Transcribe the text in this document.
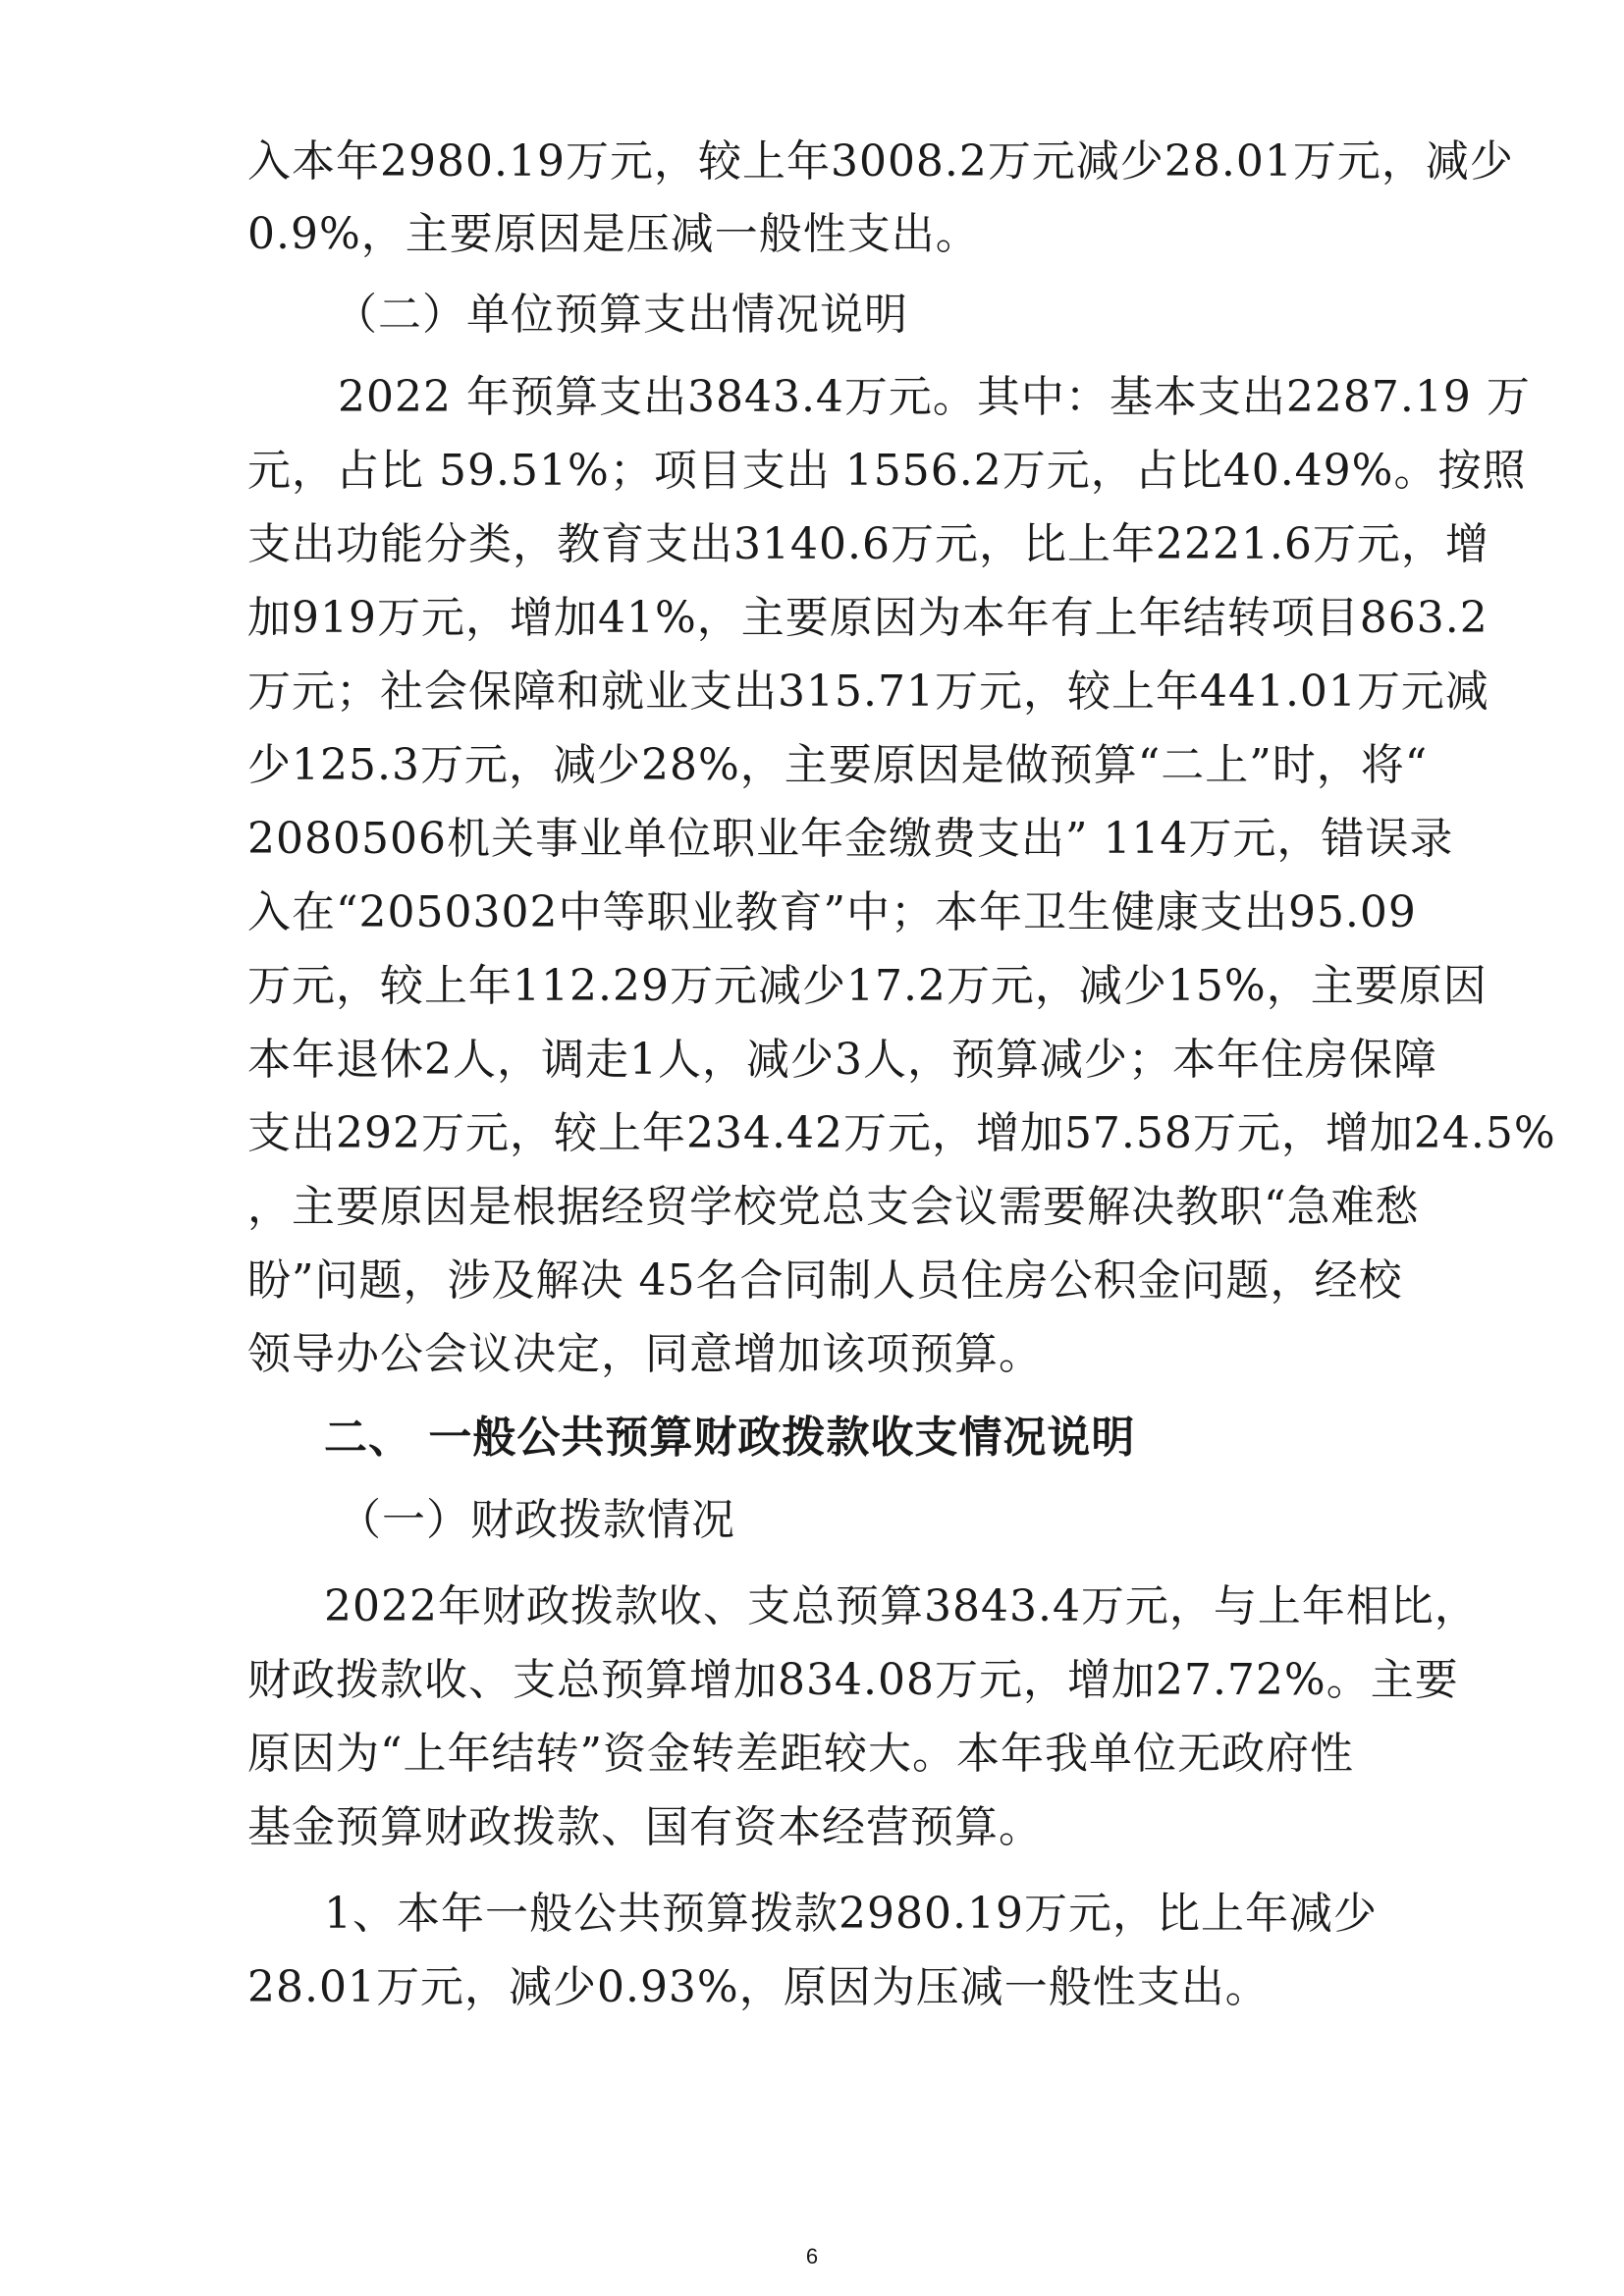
入本年2980.19万元，较上年3008.2万元减少28.01万元，减少
0.9%，主要原因是压减一般性支出。
（二）单位预算支出情况说明
2022 年预算支出3843.4万元。其中：基本支出2287.19 万
元，占比 59.51%；项目支出 1556.2万元，占比40.49%。按照
支出功能分类，教育支出3140.6万元，比上年2221.6万元，增
加919万元，增加41%，主要原因为本年有上年结转项目863.2
万元；社会保障和就业支出315.71万元，较上年441.01万元减
少125.3万元，减少28%，主要原因是做预算“二上”时，将“
2080506机关事业单位职业年金缴费支出” 114万元，错误录
入在“2050302中等职业教育”中；本年卫生健康支出95.09
万元，较上年112.29万元减少17.2万元，减少15%，主要原因
本年退休2人，调走1人，减少3人，预算减少；本年住房保障
支出292万元，较上年234.42万元，增加57.58万元，增加24.5%
，主要原因是根据经贸学校党总支会议需要解决教职“急难愁
盼”问题，涉及解决 45名合同制人员住房公积金问题，经校
领导办公会议决定，同意增加该项预算。
二、 一般公共预算财政拨款收支情况说明
（一）财政拨款情况
2022年财政拨款收、支总预算3843.4万元，与上年相比，
财政拨款收、支总预算增加834.08万元，增加27.72%。主要
原因为“上年结转”资金转差距较大。本年我单位无政府性
基金预算财政拨款、国有资本经营预算。
1、本年一般公共预算拨款2980.19万元，比上年减少
28.01万元，减少0.93%，原因为压减一般性支出。
6
